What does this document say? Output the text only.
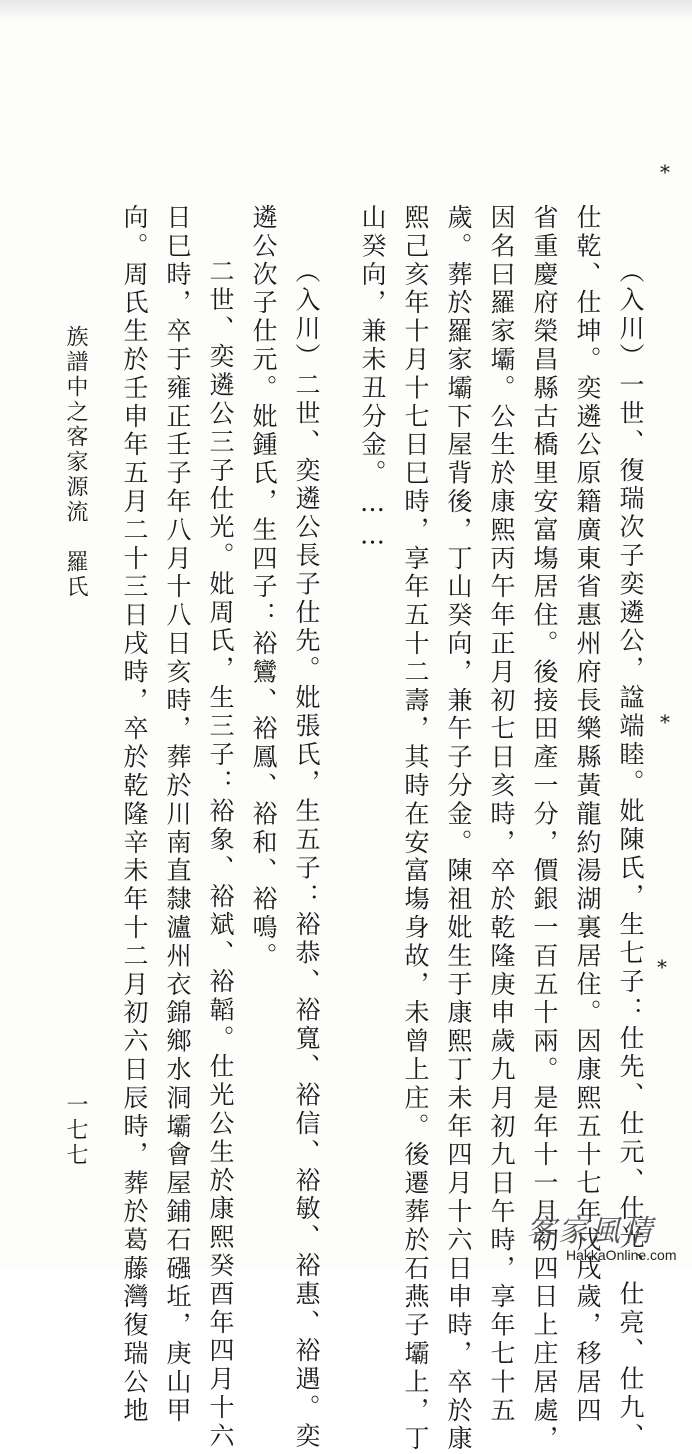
（入川）一世、復瑞次子奕遴公，諡端睦。妣陳氏，生七子：仕先、仕元、仕光、仕亮、仕九、
仕乾、仕坤。奕遴公原籍廣東省惠州府長樂縣黃龍約湯湖裏居住。因康熙五十七年戊戌歲，移居四
省重慶府榮昌縣古橋里安富塲居住。後接田產一分，價銀一百五十兩。是年十一月初四日上庄居處，
因名曰羅家壩。公生於康熙丙午年正月初七日亥時，卒於乾隆庚申歲九月初九日午時，享年七十五
歲。葬於羅家壩下屋背後，丁山癸向，兼午子分金。陳祖妣生于康熙丁未年四月十六日申時，卒於康
熙己亥年十月十七日巳時，享年五十二壽，其時在安富塲身故，未曾上庄。後遷葬於石燕子壩上，丁
山癸向，兼未丑分金。……
（入川）二世、奕遴公長子仕先。妣張氏，生五子：裕恭、裕寬、裕信、裕敏、裕惠、裕遇。奕
遴公次子仕元。妣鍾氏，生四子：裕鸞、裕鳳、裕和、裕鳴。
二世、奕遴公三子仕光。妣周氏，生三子：裕象、裕斌、裕韜。仕光公生於康熙癸酉年四月十六
日巳時，卒于雍正壬子年八月十八日亥時，葬於川南直隸瀘州衣錦鄉水洞壩會屋鋪石䃨坵，庚山甲
向。周氏生於壬申年五月二十三日戌時，卒於乾隆辛未年十二月初六日辰時，葬於葛藤灣復瑞公地
族譜中之客家源流　羅氏
一七七
*
*
*
客家風情
HakkaOnline.com
